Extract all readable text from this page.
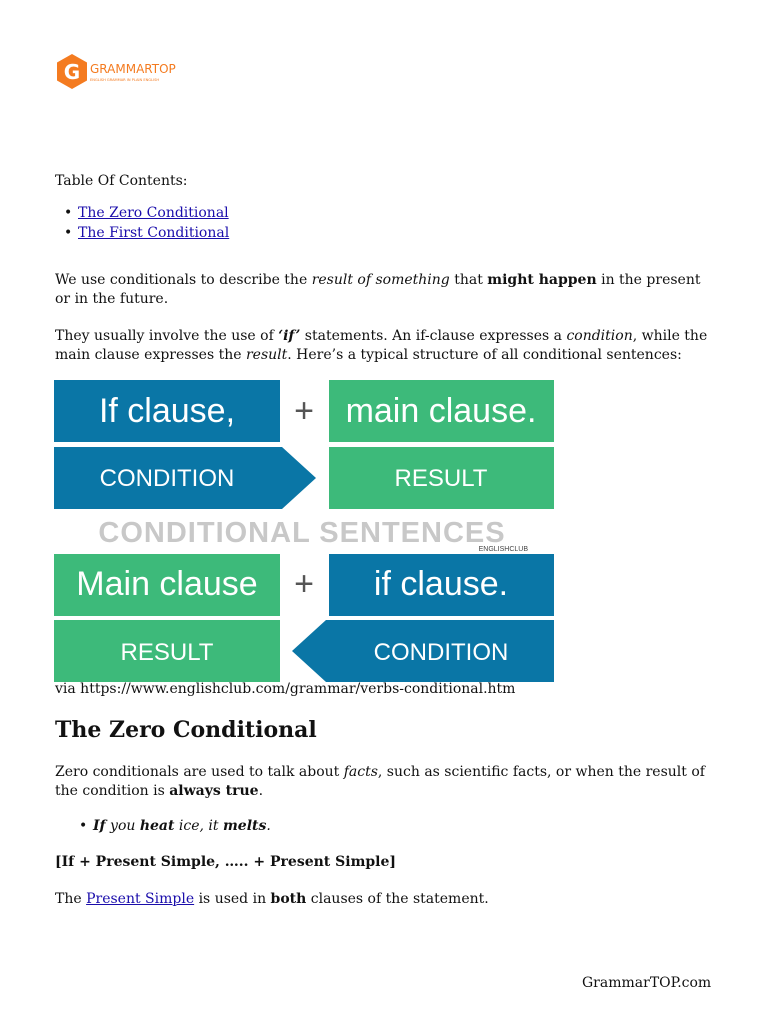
G GRAMMARTOP
ENGLISH GRAMMAR IN PLAIN ENGLISH
Table Of Contents:
• The Zero Conditional
• The First Conditional

We use conditionals to describe the result of something that might happen in the present or in the future.

They usually involve the use of ‘if’ statements. An if-clause expresses a condition, while the main clause expresses the result. Here’s a typical structure of all conditional sentences:

If clause, + main clause.
CONDITION	RESULT
CONDITIONAL SENTENCES
ENGLISHCLUB
Main clause + if clause.
RESULT	CONDITION
via https://www.englishclub.com/grammar/verbs-conditional.htm
The Zero Conditional

Zero conditionals are used to talk about facts, such as scientific facts, or when the result of the condition is always true.

• If you heat ice, it melts.
[If + Present Simple, ….. + Present Simple]

The Present Simple is used in both clauses of the statement.

GrammarTOP.com
